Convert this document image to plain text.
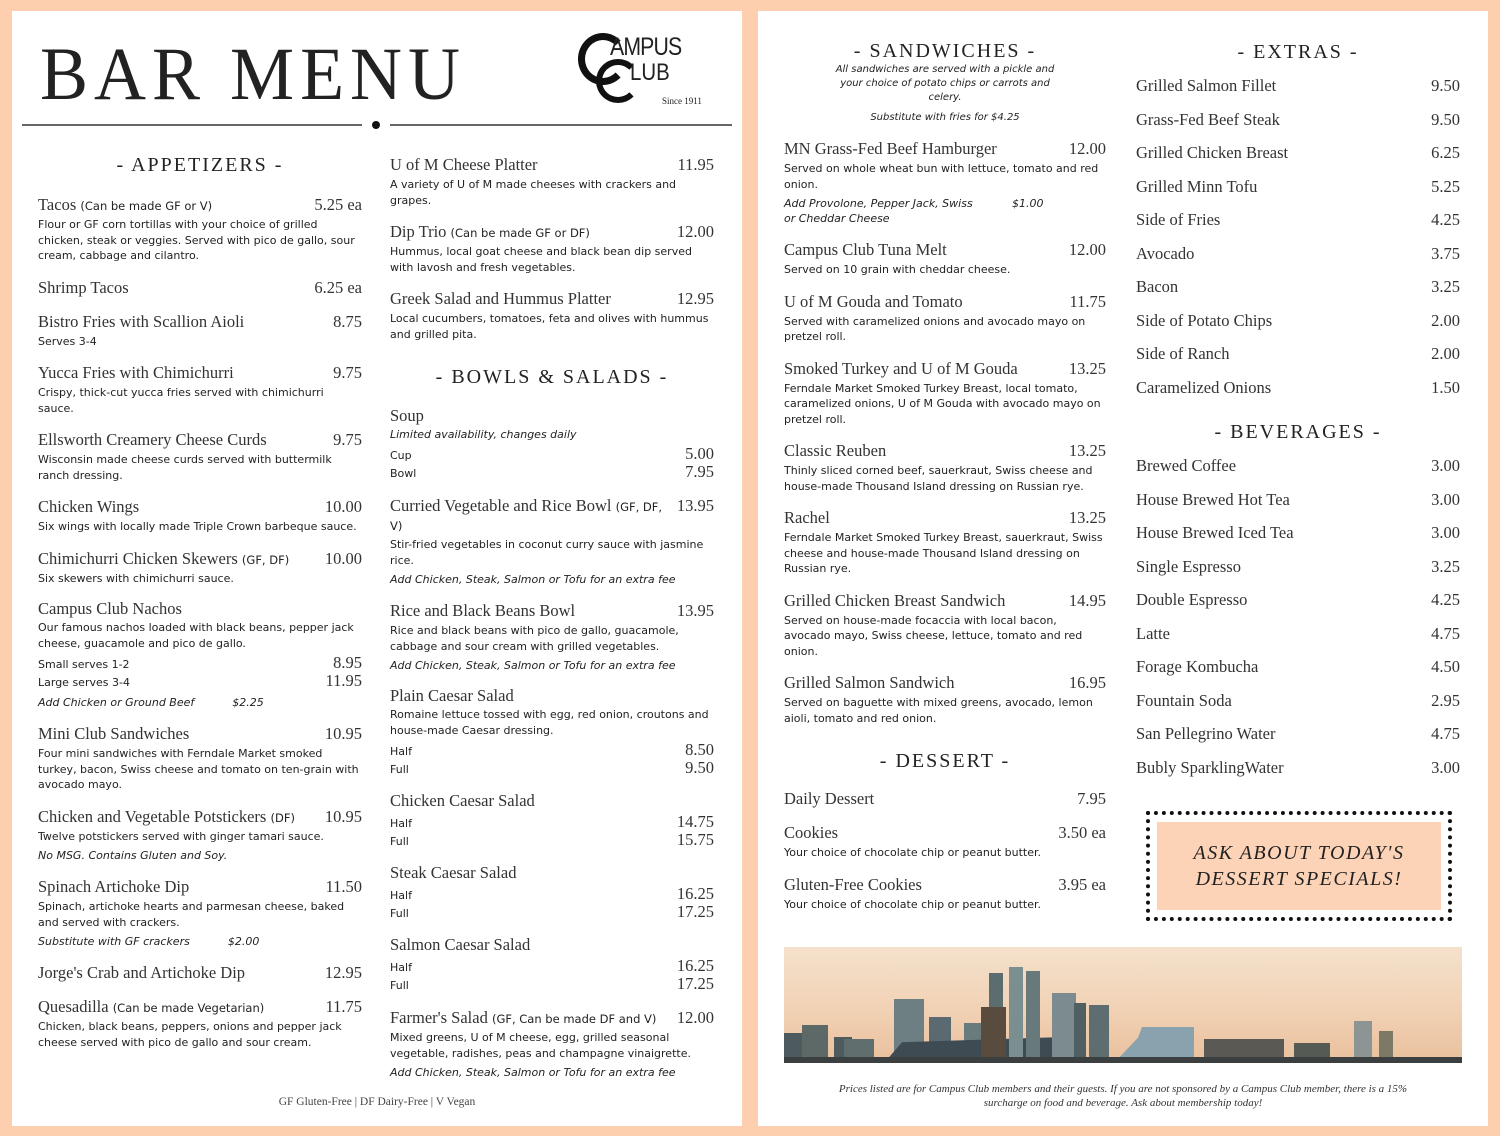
BAR MENU	AMPUS
LUB
Since 1911
- APPETIZERS -
Tacos (Can be made GF or V)	5.25 ea
Flour or GF corn tortillas with your choice of grilled chicken, steak or veggies. Served with pico de gallo, sour cream, cabbage and cilantro.
Shrimp Tacos	6.25 ea
Bistro Fries with Scallion Aioli	8.75
Serves 3-4
Yucca Fries with Chimichurri	9.75
Crispy, thick-cut yucca fries served with chimichurri sauce.
Ellsworth Creamery Cheese Curds	9.75
Wisconsin made cheese curds served with buttermilk ranch dressing.
Chicken Wings	10.00
Six wings with locally made Triple Crown barbeque sauce.
Chimichurri Chicken Skewers (GF, DF) 10.00
Six skewers with chimichurri sauce.
Campus Club Nachos
Our famous nachos loaded with black beans, pepper jack cheese, guacamole and pico de gallo.
Small serves 1-2	8.95
Large serves 3-4	11.95
Add Chicken or Ground Beef	$2.25
Mini Club Sandwiches	10.95
Four mini sandwiches with Ferndale Market smoked turkey, bacon, Swiss cheese and tomato on ten-grain with avocado mayo.
Chicken and Vegetable Potstickers (DF) 10.95
Twelve potstickers served with ginger tamari sauce.
No MSG. Contains Gluten and Soy.
Spinach Artichoke Dip	11.50
Spinach, artichoke hearts and parmesan cheese, baked and served with crackers.
Substitute with GF crackers	$2.00
Jorge's Crab and Artichoke Dip	12.95
Quesadilla (Can be made Vegetarian)	11.75
Chicken, black beans, peppers, onions and pepper jack cheese served with pico de gallo and sour cream.
U of M Cheese Platter	11.95
A variety of U of M made cheeses with crackers and grapes.
Dip Trio (Can be made GF or DF)	12.00
Hummus, local goat cheese and black bean dip served with lavosh and fresh vegetables.
Greek Salad and Hummus Platter	12.95
Local cucumbers, tomatoes, feta and olives with hummus and grilled pita.
- BOWLS & SALADS -
Soup
Limited availability, changes daily
Cup	5.00
Bowl	7.95
Curried Vegetable and Rice Bowl (GF, DF, V)
13.95
Stir-fried vegetables in coconut curry sauce with jasmine rice.
Add Chicken, Steak, Salmon or Tofu for an extra fee
Rice and Black Beans Bowl	13.95
Rice and black beans with pico de gallo, guacamole, cabbage and sour cream with grilled vegetables.
Add Chicken, Steak, Salmon or Tofu for an extra fee
Plain Caesar Salad
Romaine lettuce tossed with egg, red onion, croutons and house-made Caesar dressing.
Half	8.50
Full	9.50
Chicken Caesar Salad
Half	14.75
Full	15.75
Steak Caesar Salad
Half	16.25
Full	17.25
Salmon Caesar Salad
Half	16.25
Full	17.25
Farmer's Salad (GF, Can be made DF and V) 12.00
Mixed greens, U of M cheese, egg, grilled seasonal vegetable, radishes, peas and champagne vinaigrette.
Add Chicken, Steak, Salmon or Tofu for an extra fee
GF Gluten-Free | DF Dairy-Free | V Vegan
- SANDWICHES -
All sandwiches are served with a pickle and your choice of potato chips or carrots and celery.
Substitute with fries for $4.25
MN Grass-Fed Beef Hamburger	12.00
Served on whole wheat bun with lettuce, tomato and red onion.
Add Provolone, Pepper Jack, Swiss or Cheddar Cheese
$1.00
Campus Club Tuna Melt	12.00
Served on 10 grain with cheddar cheese.
U of M Gouda and Tomato	11.75
Served with caramelized onions and avocado mayo on pretzel roll.
Smoked Turkey and U of M Gouda	13.25
Ferndale Market Smoked Turkey Breast, local tomato, caramelized onions, U of M Gouda with avocado mayo on pretzel roll.
Classic Reuben	13.25
Thinly sliced corned beef, sauerkraut, Swiss cheese and house-made Thousand Island dressing on Russian rye.
Rachel	13.25
Ferndale Market Smoked Turkey Breast, sauerkraut, Swiss cheese and house-made Thousand Island dressing on Russian rye.
Grilled Chicken Breast Sandwich	14.95
Served on house-made focaccia with local bacon, avocado mayo, Swiss cheese, lettuce, tomato and red onion.
Grilled Salmon Sandwich	16.95
Served on baguette with mixed greens, avocado, lemon aioli, tomato and red onion.
- DESSERT -
Daily Dessert	7.95
Cookies	3.50 ea
Your choice of chocolate chip or peanut butter.
Gluten-Free Cookies	3.95 ea
Your choice of chocolate chip or peanut butter.
- EXTRAS -
Grilled Salmon Fillet	9.50
Grass-Fed Beef Steak	9.50
Grilled Chicken Breast	6.25
Grilled Minn Tofu	5.25
Side of Fries	4.25
Avocado	3.75
Bacon	3.25
Side of Potato Chips	2.00
Side of Ranch	2.00
Caramelized Onions	1.50
- BEVERAGES -
Brewed Coffee	3.00
House Brewed Hot Tea	3.00
House Brewed Iced Tea	3.00
Single Espresso	3.25
Double Espresso	4.25
Latte	4.75
Forage Kombucha	4.50
Fountain Soda	2.95
San Pellegrino Water	4.75
Bubly SparklingWater	3.00
ASK ABOUT TODAY'S
DESSERT SPECIALS!
Prices listed are for Campus Club members and their guests. If you are not sponsored by a Campus Club member, there is a 15% surcharge on food and beverage. Ask about membership today!
